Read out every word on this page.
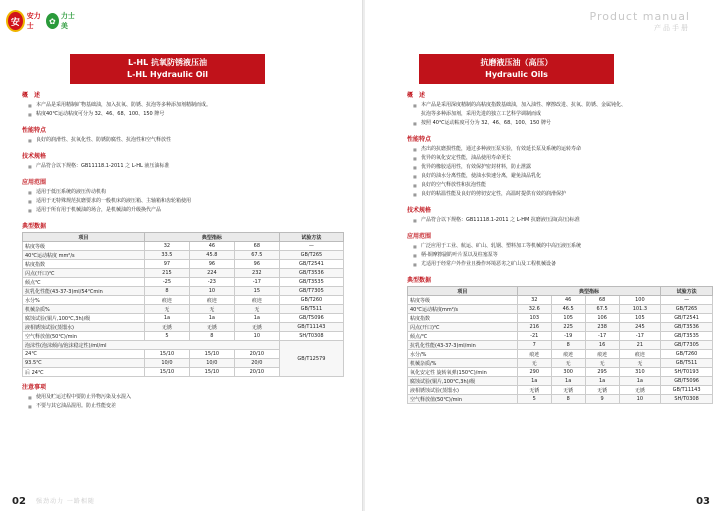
安
安力士
✿
力士美
L-HL 抗氧防锈液压油
L-HL Hydraulic Oil
概　述
■ 本产品是采用精制矿物基础油，加入抗氧、防锈、抗泡等多种添加剂精制而成。
■ 粘度40℃运动粘度可分为 32、46、68、100、150 牌号
性能特点
■ 良好的润滑性、抗氧化性、防锈防腐性、抗泡性和空气释放性
技术规格
■ 产品符合以下规格：GB11118.1-2011 之 L-HL 液压油标准
应用范围
■ 适用于低压系统的液压传动机构
■ 适用于无特殊规范抗磨要求的一般机床的液压箱、主轴箱和齿轮箱使用
■ 适用于所有用于机械油的场合，是机械油的升级换代产品
典型数据
项目	典型指标			试验方法
粘度等级	32	46	68	—
40℃运动粘度 mm²/s	33.5	45.8	67.5	GB/T265
粘度指数	97	96	96	GB/T2541
闪点(开口)℃	215	224	232	GB/T3536
倾点℃	-25	-23	-17	GB/T3535
抗乳化性能(43-37-3)ml/54℃min	8	10	15	GB/T7305
水分%	痕迹	痕迹	痕迹	GB/T260
机械杂质%	无	无	无	GB/T511
腐蚀试验(铜片,100℃,3h)/级	1a	1a	1a	GB/T5096
液相锈蚀试验(蒸馏水)	无锈	无锈	无锈	GB/T11143
空气释放值(50℃)/min	5	8	10	SH/T0308
泡沫性(泡沫倾向/泡沫稳定性)/ml/ml				GB/T12579
24℃	15/10	15/10	20/10	
93.5℃	10/0	10/0	20/0	
后 24℃	15/10	15/10	20/10	
注意事项
■ 使用及贮运过程中要防止异物污染及水混入
■ 不要与其它油品混用。防止性能变差
02 强劲动力 一路相随
Product manual
产品手册
抗磨液压油（高压）
Hydraulic Oils
概　述
■ 本产品是采用深度精制的高粘度指数基础油，加入油性、摩擦改进、抗氧、防锈、金属钝化、
抗泡等多种添加剂，采用先进的独立工艺科学调制而成
■ 按照 40℃运动粘度可分为 32、46、68、100、150 牌号
性能特点
■ 杰出的抗磨损性能，通过多种液压泵实验，有效延长泵及系统的运转寿命
■ 优异的氧化安定性能，油品使用寿命更长
■ 优异的橡胶适用性，有效保护密封材料，防止泄露
■ 良好的油水分离性能，使油水快速分离，避免油品乳化
■ 良好的空气释放性和抗泡性能
■ 良好的粘温性能及良好的剪切安定性，高温时提供有效的润滑保护
技术规格
■ 产品符合以下规格：GB11118.1-2011 之 L-HM 抗磨液压油(高压)标准
应用范围
■ 广泛应用于工业、航运、矿山、轧钢、塑料加工等机械的中高压液压系统
■ 柄-铜摩擦副的叶片泵以及柱塞泵等
■ 尤适用于经常户外作业且操作环境恶劣之矿山及工程机械设备
典型数据
项目	典型指标				试验方法
粘度等级	32	46	68	100	—
40℃运动粘度mm²/s	32.6	46.5	67.5	101.3	GB/T265
粘度指数	103	105	106	105	GB/T2541
闪点(开口)℃	216	225	238	245	GB/T3536
倾点/℃	-21	-19	-17	-17	GB/T3535
抗乳化性能(43-37-3)ml/min	7	8	16	21	GB/T7305
水分/%	痕迹	痕迹	痕迹	痕迹	GB/T260
机械杂质/%	无	无	无	无	GB/T511
氧化安定性 旋转氧弹(150℃)/min	290	300	295	310	SH/T0193
腐蚀试验(铜片,100℃,3h)/级	1a	1a	1a	1a	GB/T5096
液相锈蚀试验(蒸馏水)	无锈	无锈	无锈	无锈	GB/T11143
空气释放值(50℃)/min	5	8	9	10	SH/T0308
03
